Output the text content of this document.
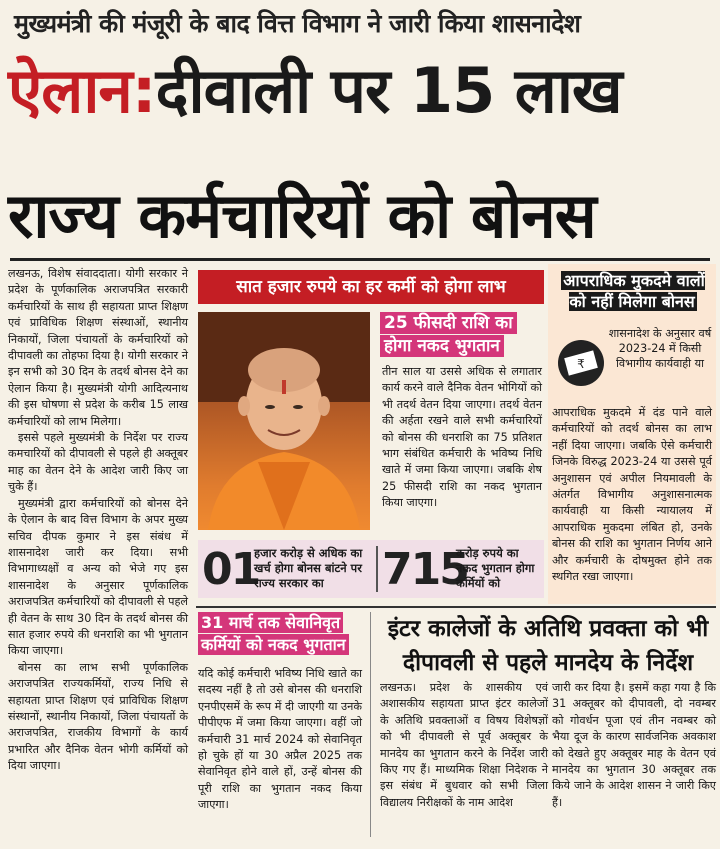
मुख्यमंत्री की मंजूरी के बाद वित्त विभाग ने जारी किया शासनादेश
ऐलान:दीवाली पर 15 लाख
राज्य कर्मचारियों को बोनस

लखनऊ, विशेष संवाददाता। योगी सरकार ने प्रदेश के पूर्णकालिक अराजपत्रित सरकारी कर्मचारियों के साथ ही सहायता प्राप्त शिक्षण एवं प्राविधिक शिक्षण संस्थाओं, स्थानीय निकायों, जिला पंचायतों के कर्मचारियों को दीपावली का तोहफा दिया है। योगी सरकार ने इन सभी को 30 दिन के तदर्थ बोनस देने का ऐलान किया है। मुख्यमंत्री योगी आदित्यनाथ की इस घोषणा से प्रदेश के करीब 15 लाख कर्मचारियों को लाभ मिलेगा।

इससे पहले मुख्यमंत्री के निर्देश पर राज्य कमचारियों को दीपावली से पहले ही अक्तूबर माह का वेतन देने के आदेश जारी किए जा चुके हैं।

मुख्यमंत्री द्वारा कर्मचारियों को बोनस देने के ऐलान के बाद वित्त विभाग के अपर मुख्य सचिव दीपक कुमार ने इस संबंध में शासनादेश जारी कर दिया। सभी विभागाध्यक्षों व अन्य को भेजे गए इस शासनादेश के अनुसार पूर्णकालिक अराजपत्रित कर्मचारियों को दीपावली से पहले ही वेतन के साथ 30 दिन के तदर्थ बोनस की सात हजार रुपये की धनराशि का भी भुगतान किया जाएगा।

बोनस का लाभ सभी पूर्णकालिक अराजपत्रित राज्यकर्मियों, राज्य निधि से सहायता प्राप्त शिक्षण एवं प्राविधिक शिक्षण संस्थानों, स्थानीय निकायों, जिला पंचायतों के अराजपत्रित, राजकीय विभागों के कार्य प्रभारित और दैनिक वेतन भोगी कर्मियों को दिया जाएगा।

सात हजार रुपये का हर कर्मी को होगा लाभ
25 फीसदी राशि का होगा नकद भुगतान

तीन साल या उससे अधिक से लगातार कार्य करने वाले दैनिक वेतन भोगियों को भी तदर्थ वेतन दिया जाएगा। तदर्थ वेतन की अर्हता रखने वाले सभी कर्मचारियों को बोनस की धनराशि का 75 प्रतिशत भाग संबंधित कर्मचारी के भविष्य निधि खाते में जमा किया जाएगा। जबकि शेष 25 फीसदी राशि का नकद भुगतान किया जाएगा।

01
हजार करोड़ से अधिक का खर्च होगा बोनस बांटने पर राज्य सरकार का	715
करोड़ रुपये का नकद भुगतान होगा कर्मियों को
आपराधिक मुकदमे वालों को नहीं मिलेगा बोनस
₹
शासनादेश के अनुसार वर्ष 2023-24 में किसी विभागीय कार्यवाही या
आपराधिक मुकदमे में दंड पाने वाले कर्मचारियों को तदर्थ बोनस का लाभ नहीं दिया जाएगा। जबकि ऐसे कर्मचारी जिनके विरुद्ध 2023-24 या उससे पूर्व अनुशासन एवं अपील नियमावली के अंतर्गत विभागीय अनुशासनात्मक कार्यवाही या किसी न्यायालय में आपराधिक मुकदमा लंबित हो, उनके बोनस की राशि का भुगतान निर्णय आने और कर्मचारी के दोषमुक्त होने तक स्थगित रखा जाएगा।
31 मार्च तक सेवानिवृत कर्मियों को नकद भुगतान
यदि कोई कर्मचारी भविष्य निधि खाते का सदस्य नहीं है तो उसे बोनस की धनराशि एनपीएसमें के रूप में दी जाएगी या उनके पीपीएफ में जमा किया जाएगा। वहीं जो कर्मचारी 31 मार्च 2024 को सेवानिवृत हो चुके हों या 30 अप्रैल 2025 तक सेवानिवृत होने वाले हों, उन्हें बोनस की पूरी राशि का भुगतान नकद किया जाएगा।
इंटर कालेजों के अतिथि प्रवक्ता को भी दीपावली से पहले मानदेय के निर्देश
लखनऊ। प्रदेश के शासकीय एवं अशासकीय सहायता प्राप्त इंटर कालेजों के अतिथि प्रवक्ताओं व विषय विशेषज्ञों को भी दीपावली से पूर्व अक्तूबर के मानदेय का भुगतान करने के निर्देश जारी किए गए हैं। माध्यमिक शिक्षा निदेशक ने इस संबंध में बुधवार को सभी जिला विद्यालय निरीक्षकों के नाम आदेश
जारी कर दिया है। इसमें कहा गया है कि 31 अक्तूबर को दीपावली, दो नवम्बर को गोवर्धन पूजा एवं तीन नवम्बर को भैया दूज के कारण सार्वजनिक अवकाश को देखते हुए अक्तूबर माह के वेतन एवं मानदेय का भुगतान 30 अक्तूबर तक किये जाने के आदेश शासन ने जारी किए हैं।
